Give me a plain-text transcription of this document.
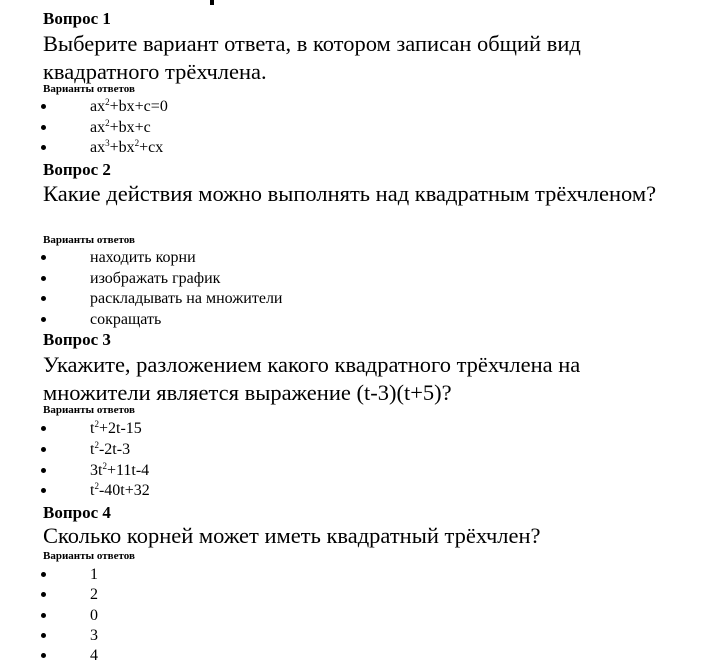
Вопрос 1
Выберите вариант ответа, в котором записан общий вид квадратного трёхчлена.
Варианты ответов
$ax^2+bx+c=0$
$ax^2+bx+c$
$ax^3+bx^2+cx$
Вопрос 2
Какие действия можно выполнять над квадратным трёхчленом?
Варианты ответов
находить корни
изображать график
раскладывать на множители
сокращать
Вопрос 3
Укажите, разложением какого квадратного трёхчлена на множители является выражение (t-3)(t+5)?
Варианты ответов
$t^2+2t-15$
$t^2-2t-3$
$3t^2+11t-4$
$t^2-40t+32$
Вопрос 4
Сколько корней может иметь квадратный трёхчлен?
Варианты ответов
1
2
0
3
4
